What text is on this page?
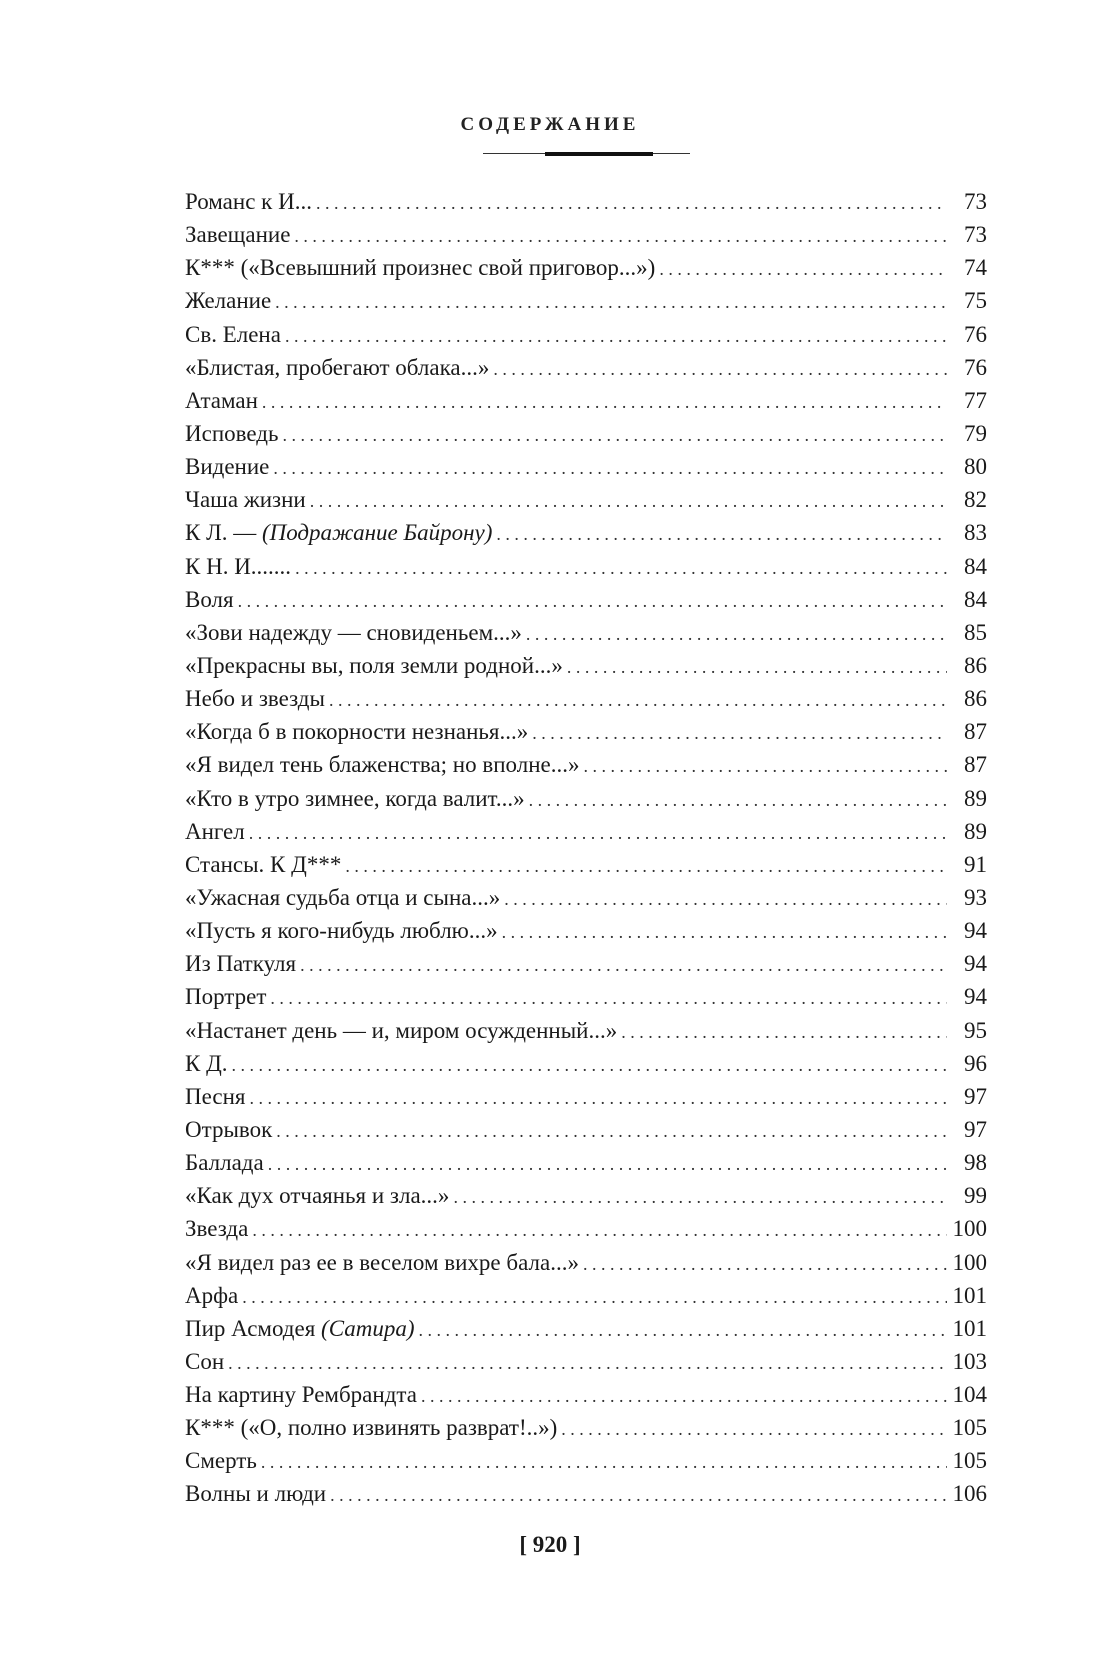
СОДЕРЖАНИЕ
Романс к И... . . .	73
Завещание . . .	73
К*** («Всевышний произнес свой приговор...») . . .	74
Желание . . .	75
Св. Елена . . .	76
«Блистая, пробегают облака...» . . .	76
Атаман . . .	77
Исповедь . . .	79
Видение . . .	80
Чаша жизни . . .	82
К Л. — (Подражание Байрону) . . .	83
К Н. И....... . . .	84
Воля . . .	84
«Зови надежду — сновиденьем...» . . .	85
«Прекрасны вы, поля земли родной...» . . .	86
Небо и звезды . . .	86
«Когда б в покорности незнанья...» . . .	87
«Я видел тень блаженства; но вполне...» . . .	87
«Кто в утро зимнее, когда валит...» . . .	89
Ангел . . .	89
Стансы. К Д*** . . .	91
«Ужасная судьба отца и сына...» . . .	93
«Пусть я кого-нибудь люблю...» . . .	94
Из Паткуля . . .	94
Портрет . . .	94
«Настанет день — и, миром осужденный...» . . .	95
К Д. . . .	96
Песня . . .	97
Отрывок . . .	97
Баллада . . .	98
«Как дух отчаянья и зла...» . . .	99
Звезда . . .	100
«Я видел раз ее в веселом вихре бала...» . . .	100
Арфа . . .	101
Пир Асмодея (Сатира) . . .	101
Сон . . .	103
На картину Рембрандта . . .	104
К*** («О, полно извинять разврат!..») . . .	105
Смерть . . .	105
Волны и люди . . .	106
[ 920 ]
